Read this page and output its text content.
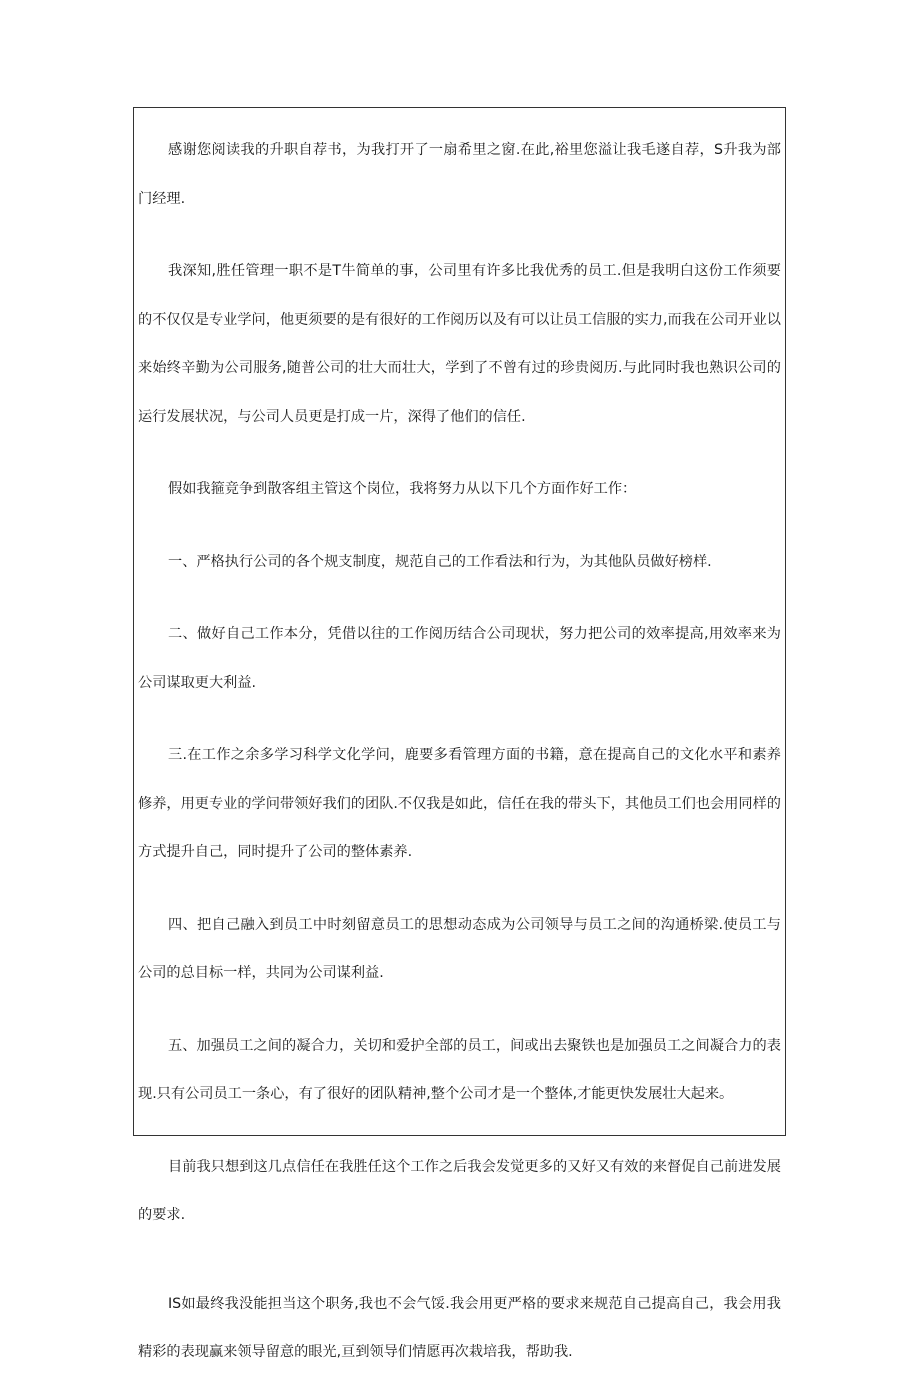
感谢您阅读我的升职自荐书，为我打开了一扇希里之窗.在此,裕里您溢让我毛遂自荐，S升我为部门经理.

我深知,胜任管理一职不是T牛简单的事，公司里有许多比我优秀的员工.但是我明白这份工作须要的不仅仅是专业学问，他更须要的是有很好的工作阅历以及有可以让员工信服的实力,而我在公司开业以来始终辛勤为公司服务,随普公司的壮大而壮大，学到了不曾有过的珍贵阅历.与此同时我也熟识公司的运行发展状况，与公司人员更是打成一片，深得了他们的信任.

假如我箍竞争到散客组主管这个岗位，我将努力从以下几个方面作好工作：

一、严格执行公司的各个规支制度，规范自己的工作看法和行为，为其他队员做好榜样.

二、做好自己工作本分，凭借以往的工作阅历结合公司现状，努力把公司的效率提高,用效率来为公司谋取更大利益.

三.在工作之余多学习科学文化学问，鹿要多看管理方面的书籍，意在提高自己的文化水平和素养修养，用更专业的学问带领好我们的团队.不仅我是如此，信任在我的带头下，其他员工们也会用同样的方式提升自己，同时提升了公司的整体素养.

四、把自己融入到员工中时刻留意员工的思想动态成为公司领导与员工之间的沟通桥梁.使员工与公司的总目标一样，共同为公司谋利益.

五、加强员工之间的凝合力，关切和爱护全部的员工，间或出去聚铁也是加强员工之间凝合力的表现.只有公司员工一条心，有了很好的团队精神,整个公司才是一个整体,才能更快发展壮大起来。

目前我只想到这几点信任在我胜任这个工作之后我会发觉更多的又好又有效的来督促自己前进发展的要求.

IS如最终我没能担当这个职务,我也不会气馁.我会用更严格的要求来规范自己提高自己，我会用我精彩的表现赢来领导留意的眼光,亘到领导们情愿再次栽培我，帮助我.
